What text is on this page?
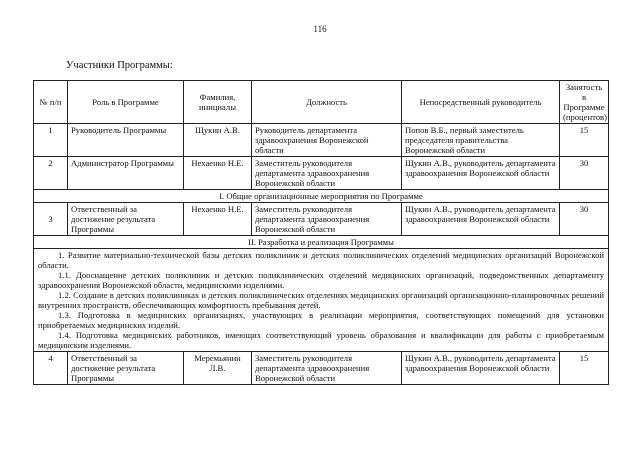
116
Участники Программы:
№ п/п	Роль в Программе	Фамилия, инициалы	Должность	Непосредственный руководитель	Занятость в Программе (процентов)
1	Руководитель Программы	Щукин А.В.	Руководитель департамента здравоохранения Воронежской области	Попов В.Б., первый заместитель председателя правительства Воронежской области	15
2	Администратор Программы	Нехаенко Н.Е.	Заместитель руководителя департамента здравоохранения Воронежской области	Щукин А.В., руководитель департамента здравоохранения Воронежской области	30
I. Общие организационные мероприятия по Программе					
3	Ответственный за достижение результата Программы	Нехаенко Н.Е.	Заместитель руководителя департамента здравоохранения Воронежской области	Щукин А.В., руководитель департамента здравоохранения Воронежской области	30
II. Разработка и реализация Программы					

1. Развитие материально-технической базы детских поликлиник и детских поликлинических отделений медицинских организаций Воронежской области.

1.1. Дооснащение детских поликлиник и детских поликлинических отделений медицинских организаций, подведомственных департаменту здравоохранения Воронежской области, медицинскими изделиями.

1.2. Создание в детских поликлиниках и детских поликлинических отделениях медицинских организаций организационно-планировочных решений внутренних пространств, обеспечивающих комфортность пребывания детей.

1.3. Подготовка в медицинских организациях, участвующих в реализации мероприятия, соответствующих помещений для установки приобретаемых медицинских изделий.

1.4. Подготовка медицинских работников, имеющих соответствующий уровень образования и квалификации для работы с приобретаемым медицинским изделиями.					

4	Ответственный за достижение результата Программы	Меремьянин Л.В.	Заместитель руководителя департамента здравоохранения Воронежской области	Щукин А.В., руководитель департамента здравоохранения Воронежской области	15
